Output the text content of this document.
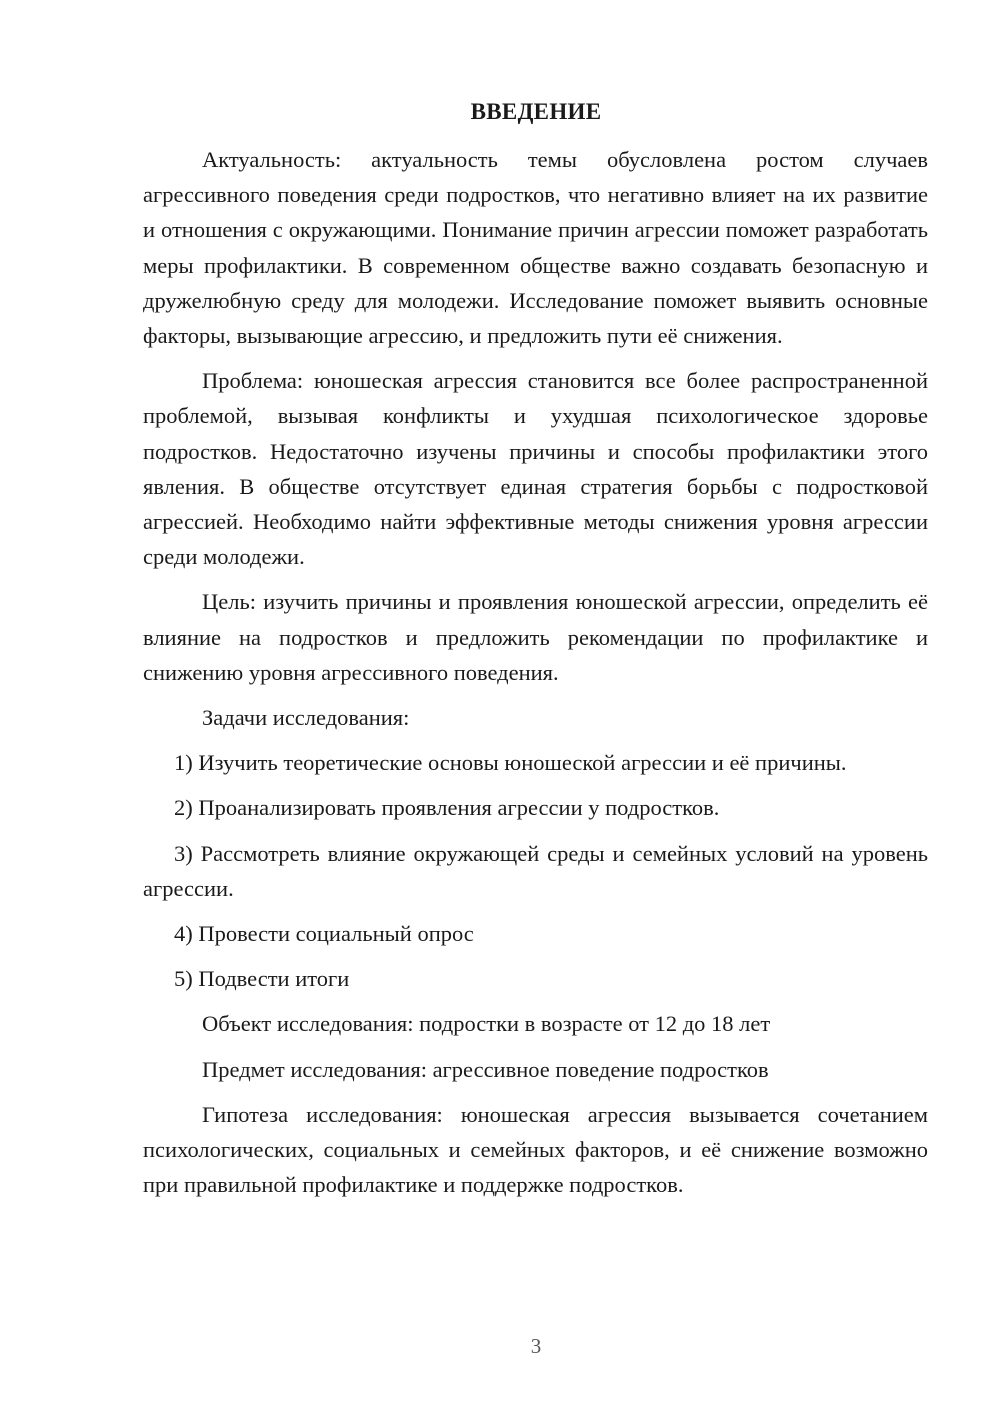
ВВЕДЕНИЕ

Актуальность: актуальность темы обусловлена ростом случаев агрессивного поведения среди подростков, что негативно влияет на их развитие и отношения с окружающими. Понимание причин агрессии поможет разработать меры профилактики. В современном обществе важно создавать безопасную и дружелюбную среду для молодежи. Исследование поможет выявить основные факторы, вызывающие агрессию, и предложить пути её снижения.

Проблема: юношеская агрессия становится все более распространенной проблемой, вызывая конфликты и ухудшая психологическое здоровье подростков. Недостаточно изучены причины и способы профилактики этого явления. В обществе отсутствует единая стратегия борьбы с подростковой агрессией. Необходимо найти эффективные методы снижения уровня агрессии среди молодежи.

Цель: изучить причины и проявления юношеской агрессии, определить её влияние на подростков и предложить рекомендации по профилактике и снижению уровня агрессивного поведения.

Задачи исследования:

1) Изучить теоретические основы юношеской агрессии и её причины.

2) Проанализировать проявления агрессии у подростков.

3) Рассмотреть влияние окружающей среды и семейных условий на уровень агрессии.

4) Провести социальный опрос

5) Подвести итоги

Объект исследования: подростки в возрасте от 12 до 18 лет

Предмет исследования: агрессивное поведение подростков

Гипотеза исследования: юношеская агрессия вызывается сочетанием психологических, социальных и семейных факторов, и её снижение возможно при правильной профилактике и поддержке подростков.

3
